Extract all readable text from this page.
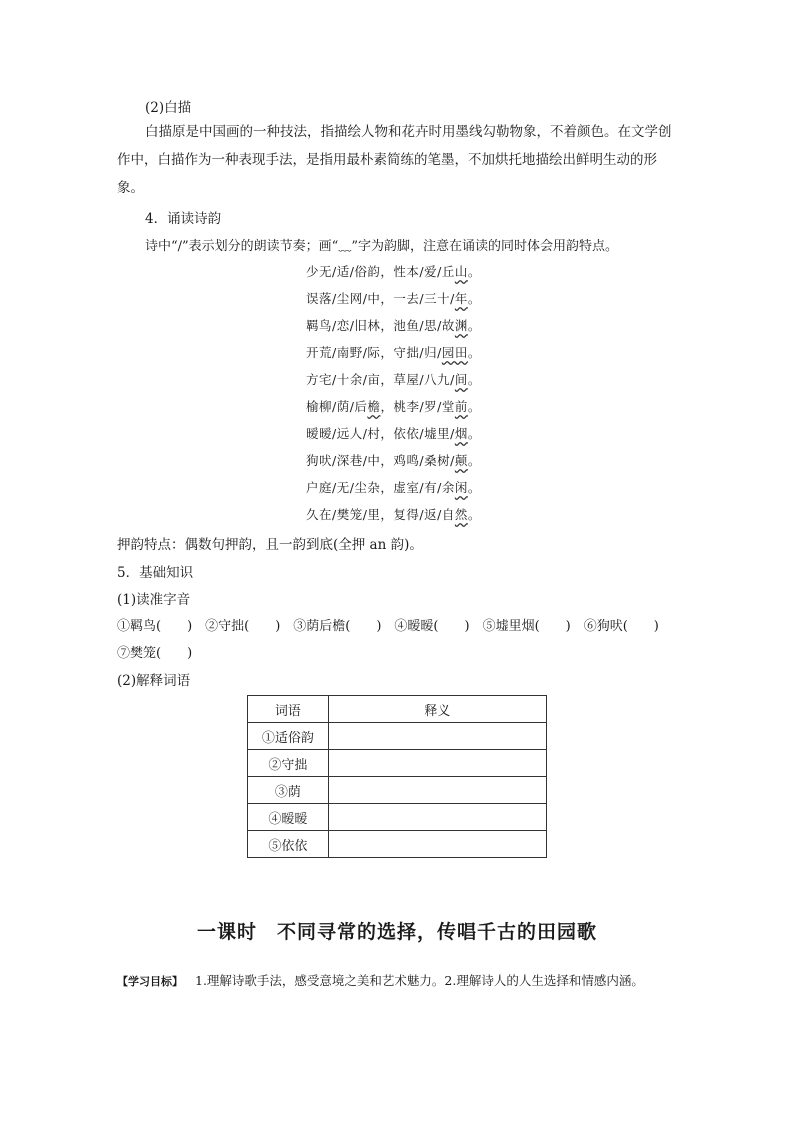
(2)白描
白描原是中国画的一种技法，指描绘人物和花卉时用墨线勾勒物象，不着颜色。在文学创作中，白描作为一种表现手法，是指用最朴素简练的笔墨，不加烘托地描绘出鲜明生动的形象。
4．诵读诗韵
诗中“/”表示划分的朗读节奏；画“﹏”字为韵脚，注意在诵读的同时体会用韵特点。
少无/适/俗韵，性本/爱/丘山。
误落/尘网/中，一去/三十/年。
羁鸟/恋/旧林，池鱼/思/故渊。
开荒/南野/际，守拙/归/园田。
方宅/十余/亩，草屋/八九/间。
榆柳/荫/后檐，桃李/罗/堂前。
暧暧/远人/村，依依/墟里/烟。
狗吠/深巷/中，鸡鸣/桑树/颠。
户庭/无/尘杂，虚室/有/余闲。
久在/樊笼/里，复得/返/自然。
押韵特点：偶数句押韵，且一韵到底(全押 an 韵)。
5．基础知识
(1)读准字音
①羁鸟(　　)　②守拙(　　)　③荫后檐(　　)　④暧暧(　　)　⑤墟里烟(　　)　⑥狗吠(　　)
⑦樊笼(　　)
(2)解释词语
词语	释义
①适俗韵	
②守拙	
③荫	
④暧暧	
⑤依依	
一课时　不同寻常的选择，传唱千古的田园歌
【学习目标】 1.理解诗歌手法，感受意境之美和艺术魅力。2.理解诗人的人生选择和情感内涵。
